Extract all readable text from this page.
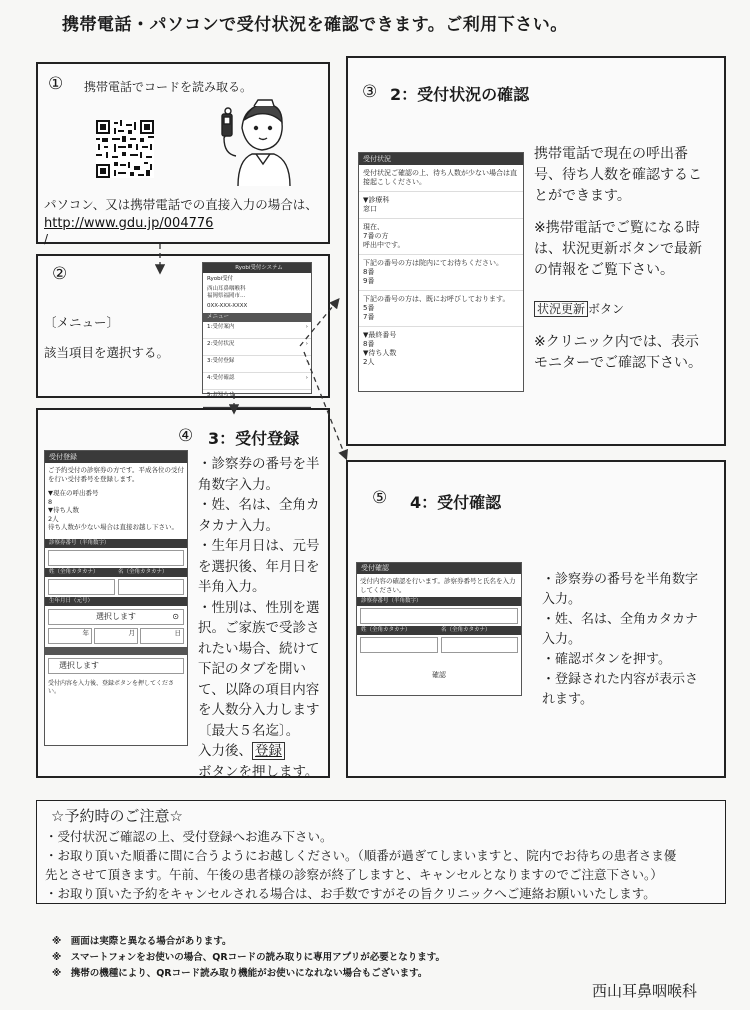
携帯電話・パソコンで受付状況を確認できます。ご利用下さい。
① 携帯電話でコードを読み取る。
パソコン、又は携帯電話での直接入力の場合は、
http://www.gdu.jp/004776
/
②
〔メニュー〕
該当項目を選択する。
Ryobi受付システム
Ryobi受付
西山耳鼻咽喉科
福岡県福岡市…
0XX-XXX-XXXX
メニュー
1:受付案内	›
2:受付状況	›
3:受付登録	›
4:受付確認	›
5:お知らせ
③ 2：受付状況の確認
受付状況
受付状況ご確認の上、待ち人数が少ない場合は直接起こしください。
▼診療科
窓口
現在、
7番の方
呼出中です。
下記の番号の方は院内にてお待ちください。
8番
9番
下記の番号の方は、既にお呼びしております。
5番
7番
▼最終番号
8番
▼待ち人数
2人
携帯電話で現在の呼出番号、待ち人数を確認することができます。
※携帯電話でご覧になる時は、状況更新ボタンで最新の情報をご覧下さい。
状況更新 ボタン
※クリニック内では、表示モニターでご確認下さい。
④ 3：受付登録
受付登録
ご予約受付の診察券の方です。平成各位の受付を行い受付番号を登録します。
▼現在の呼出番号
8
▼待ち人数
2人
待ち人数が少ない場合は直接お越し下さい。
診察券番号（半角数字）
姓（全角カタカナ）	名（全角カタカナ）
生年月日（元号）
選択します	⊙
年	月	日
選択します
受付内容を入力後、登録ボタンを押してください。
・診察券の番号を半角数字入力。
・姓、名は、全角カタカナ入力。
・生年月日は、元号を選択後、年月日を半角入力。
・性別は、性別を選択。ご家族で受診されたい場合、続けて下記のタブを開いて、以降の項目内容を人数分入力します〔最大５名迄〕。
入力後、 登録
ボタンを押します。
⑤ 4：受付確認
受付確認
受付内容の確認を行います。診察券番号と氏名を入力してください。
診察券番号（半角数字）
姓（全角カタカナ）	名（全角カタカナ）
確認
・診察券の番号を半角数字入力。
・姓、名は、全角カタカナ入力。
・確認ボタンを押す。
・登録された内容が表示されます。
☆予約時のご注意☆
・受付状況ご確認の上、受付登録へお進み下さい。
・お取り頂いた順番に間に合うようにお越しください。（順番が過ぎてしまいますと、院内でお待ちの患者さま優
先とさせて頂きます。午前、午後の患者様の診察が終了しますと、キャンセルとなりますのでご注意下さい。）
・お取り頂いた予約をキャンセルされる場合は、お手数ですがその旨クリニックへご連絡お願いいたします。
※　画面は実際と異なる場合があります。
※　スマートフォンをお使いの場合、QRコードの読み取りに専用アプリが必要となります。
※　携帯の機種により、QRコード読み取り機能がお使いになれない場合もございます。
西山耳鼻咽喉科
